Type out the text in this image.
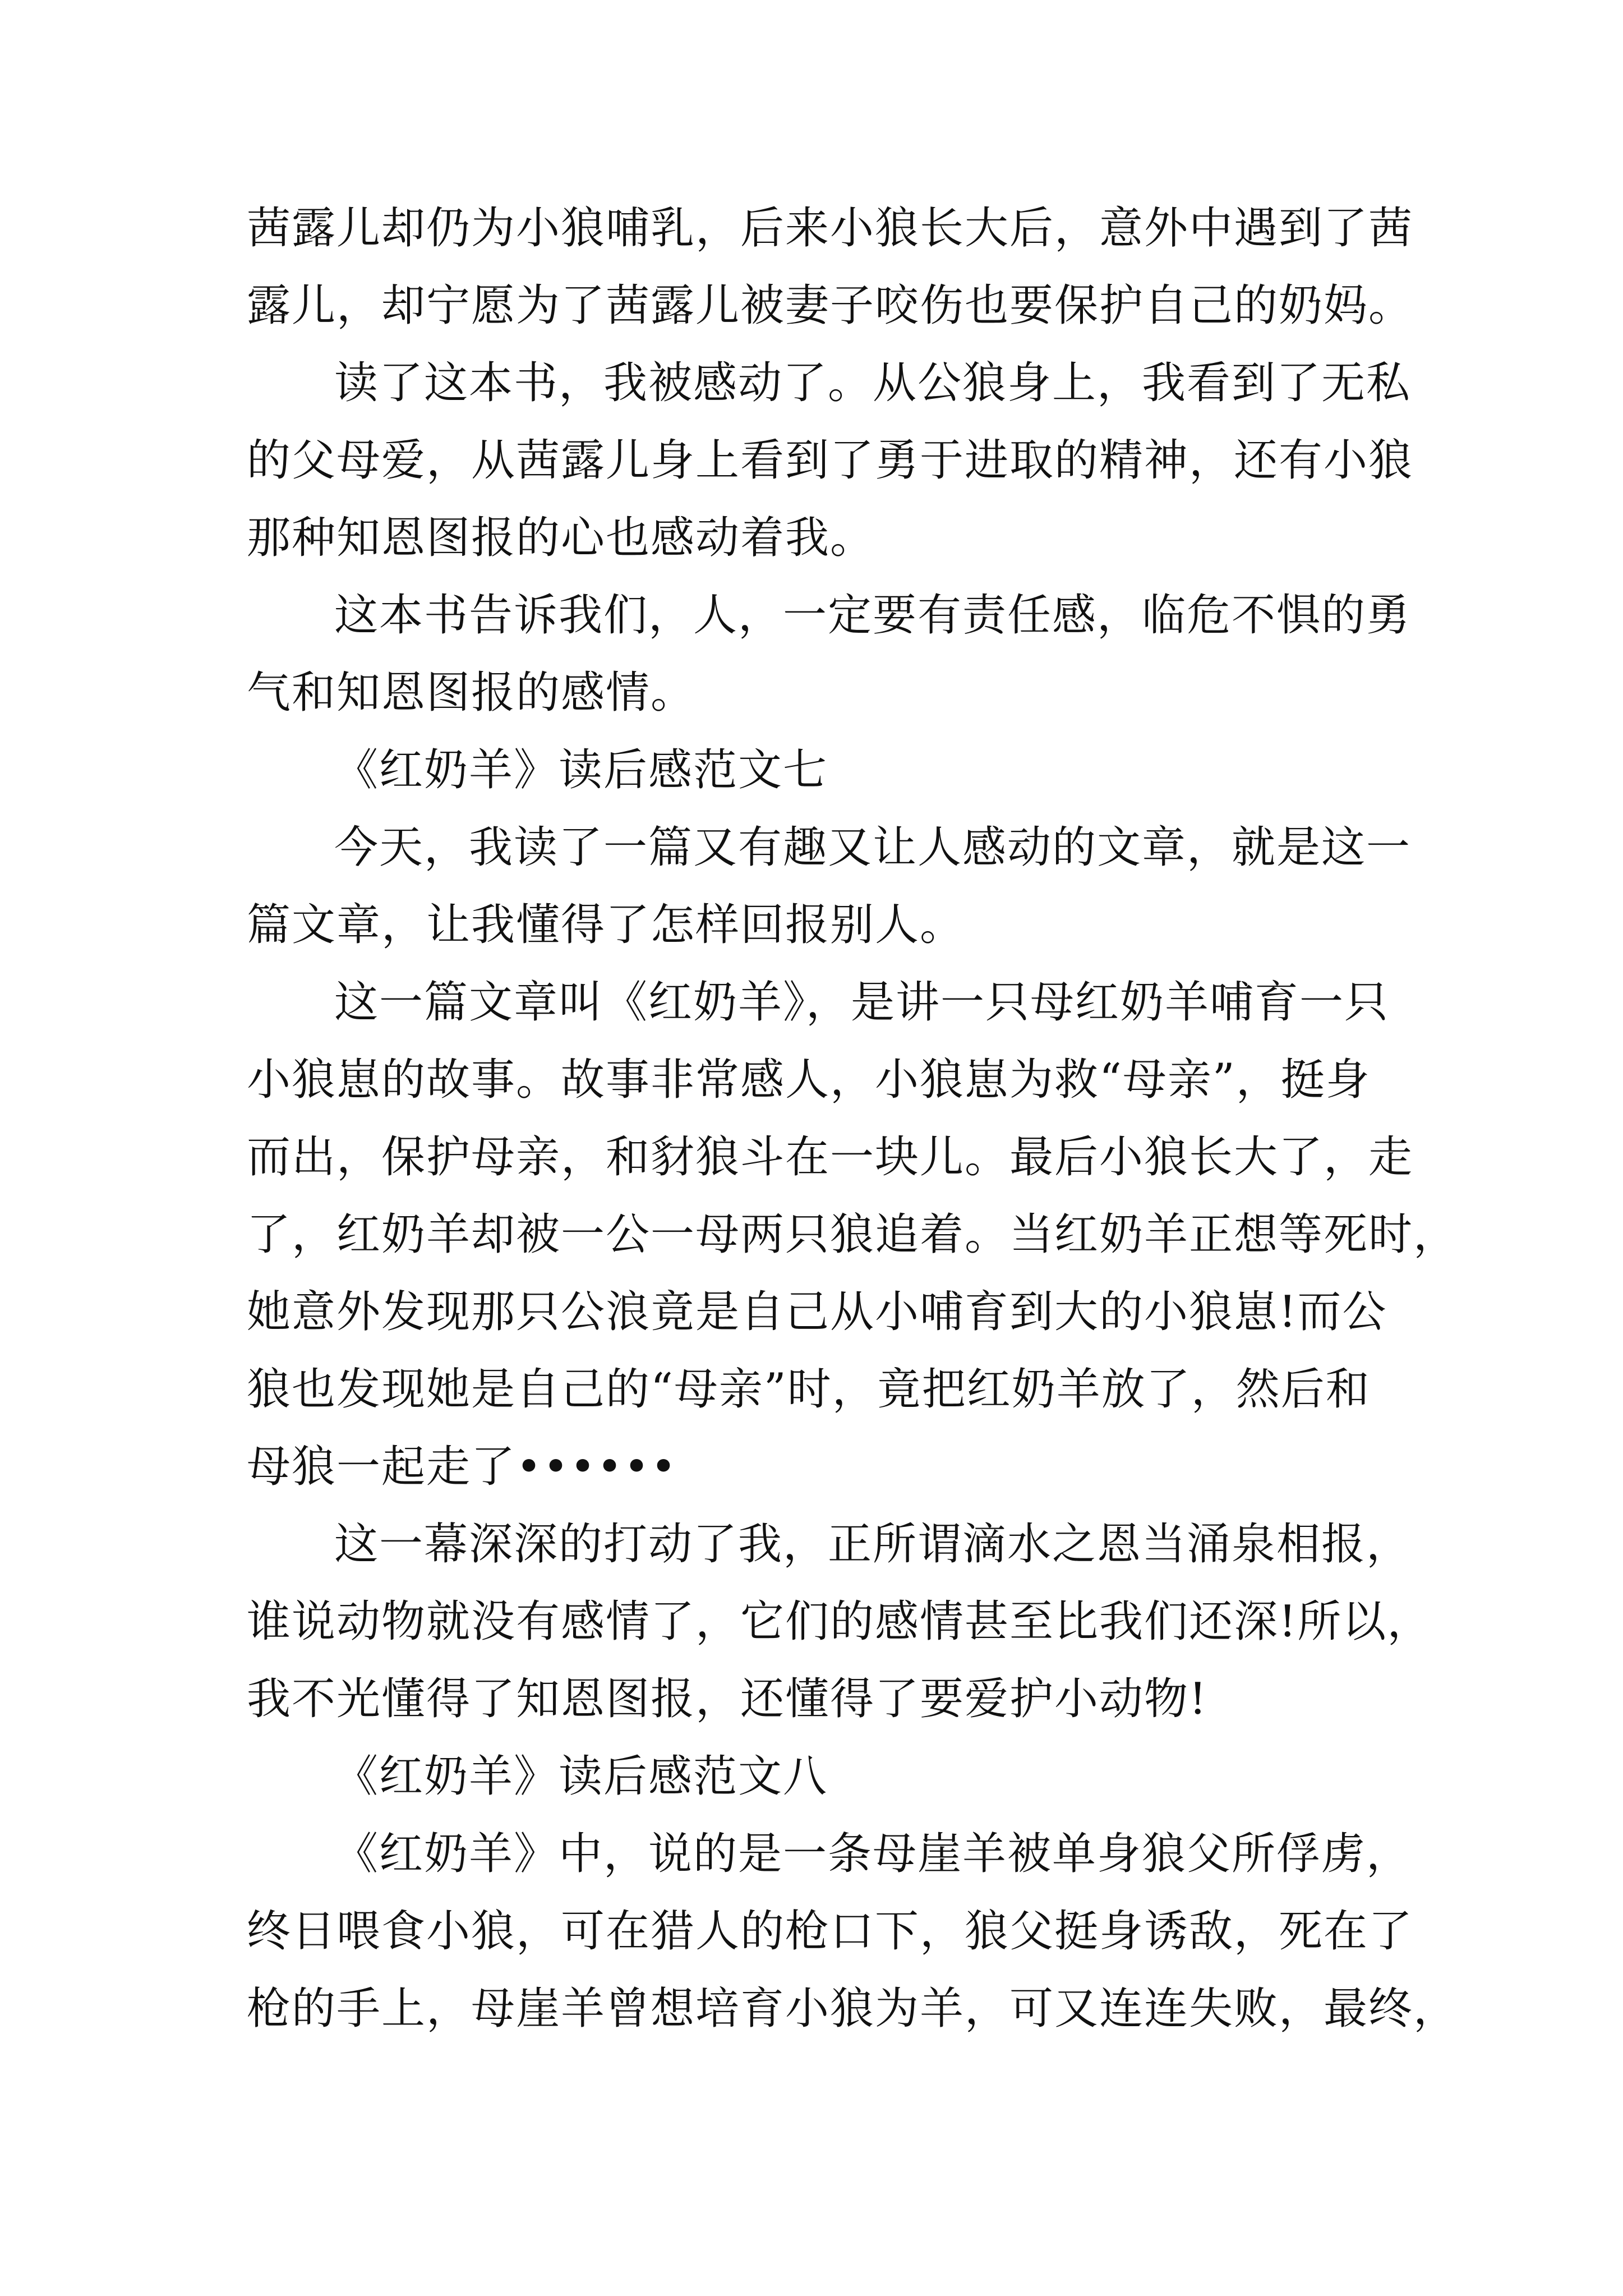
茜露儿却仍为小狼哺乳，后来小狼长大后，意外中遇到了茜
露儿，却宁愿为了茜露儿被妻子咬伤也要保护自己的奶妈。
读了这本书，我被感动了。从公狼身上，我看到了无私
的父母爱，从茜露儿身上看到了勇于进取的精神，还有小狼
那种知恩图报的心也感动着我。
这本书告诉我们，人，一定要有责任感，临危不惧的勇
气和知恩图报的感情。
《红奶羊》读后感范文七
今天，我读了一篇又有趣又让人感动的文章，就是这一
篇文章，让我懂得了怎样回报别人。
这一篇文章叫《红奶羊》，是讲一只母红奶羊哺育一只
小狼崽的故事。故事非常感人，小狼崽为救“母亲”，挺身
而出，保护母亲，和豺狼斗在一块儿。最后小狼长大了，走
了，红奶羊却被一公一母两只狼追着。当红奶羊正想等死时，
她意外发现那只公浪竟是自己从小哺育到大的小狼崽!而公
狼也发现她是自己的“母亲”时，竟把红奶羊放了，然后和
母狼一起走了••••••
这一幕深深的打动了我，正所谓滴水之恩当涌泉相报，
谁说动物就没有感情了，它们的感情甚至比我们还深!所以，
我不光懂得了知恩图报，还懂得了要爱护小动物!
《红奶羊》读后感范文八
《红奶羊》中，说的是一条母崖羊被单身狼父所俘虏，
终日喂食小狼，可在猎人的枪口下，狼父挺身诱敌，死在了
枪的手上，母崖羊曾想培育小狼为羊，可又连连失败，最终，
